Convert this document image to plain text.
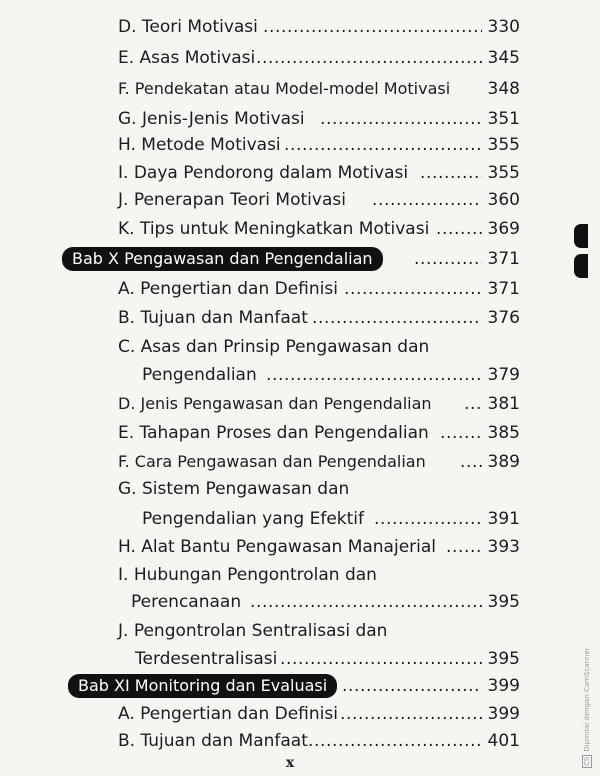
D. Teori Motivasi .....	330
E. Asas Motivasi .....	345
F. Pendekatan atau Model-model Motivasi 348
G. Jenis-Jenis Motivasi .....	351
H. Metode Motivasi .....	355
I. Daya Pendorong dalam Motivasi .....	355
J. Penerapan Teori Motivasi .....	360
K. Tips untuk Meningkatkan Motivasi .....	369
Bab X Pengawasan dan Pengendalian .....	371
A. Pengertian dan Definisi .....	371
B. Tujuan dan Manfaat .....	376
C. Asas dan Prinsip Pengawasan dan
Pengendalian .....	379
D. Jenis Pengawasan dan Pengendalian .....	381
E. Tahapan Proses dan Pengendalian .....	385
F. Cara Pengawasan dan Pengendalian .....	389
G. Sistem Pengawasan dan
Pengendalian yang Efektif .....	391
H. Alat Bantu Pengawasan Manajerial .....	393
I. Hubungan Pengontrolan dan
Perencanaan .....	395
J. Pengontrolan Sentralisasi dan
Terdesentralisasi .....	395
Bab XI Monitoring dan Evaluasi .....	399
A. Pengertian dan Definisi .....	399
B. Tujuan dan Manfaat .....	401
x	CSDipindai dengan CamScanner
